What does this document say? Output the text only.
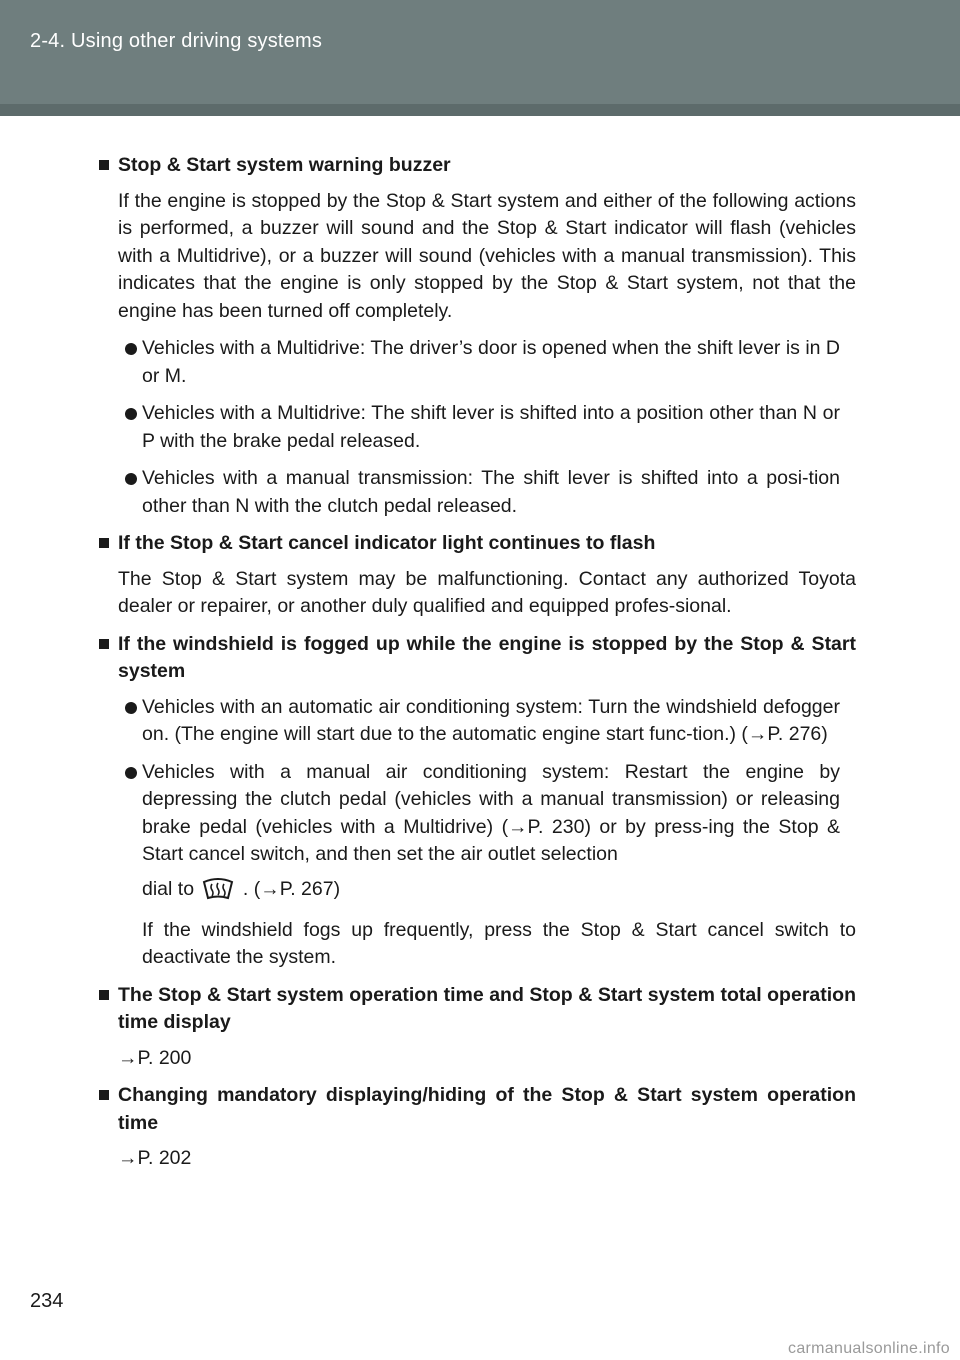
2-4. Using other driving systems
Stop & Start system warning buzzer
If the engine is stopped by the Stop & Start system and either of the following actions is performed, a buzzer will sound and the Stop & Start indicator will flash (vehicles with a Multidrive), or a buzzer will sound (vehicles with a manual transmission). This indicates that the engine is only stopped by the Stop & Start system, not that the engine has been turned off completely.
Vehicles with a Multidrive: The driver’s door is opened when the shift lever is in D or M.
Vehicles with a Multidrive: The shift lever is shifted into a position other than N or P with the brake pedal released.
Vehicles with a manual transmission: The shift lever is shifted into a posi-tion other than N with the clutch pedal released.
If the Stop & Start cancel indicator light continues to flash
The Stop & Start system may be malfunctioning. Contact any authorized Toyota dealer or repairer, or another duly qualified and equipped profes-sional.
If the windshield is fogged up while the engine is stopped by the Stop & Start system
Vehicles with an automatic air conditioning system: Turn the windshield defogger on. (The engine will start due to the automatic engine start func-tion.) (→P. 276)
Vehicles with a manual air conditioning system: Restart the engine by depressing the clutch pedal (vehicles with a manual transmission) or releasing brake pedal (vehicles with a Multidrive) (→P. 230) or by press-ing the Stop & Start cancel switch, and then set the air outlet selection
dial to	. (→P. 267)
If the windshield fogs up frequently, press the Stop & Start cancel switch to deactivate the system.
The Stop & Start system operation time and Stop & Start system total operation time display
→P. 200
Changing mandatory displaying/hiding of the Stop & Start system operation time
→P. 202
234
carmanualsonline.info
